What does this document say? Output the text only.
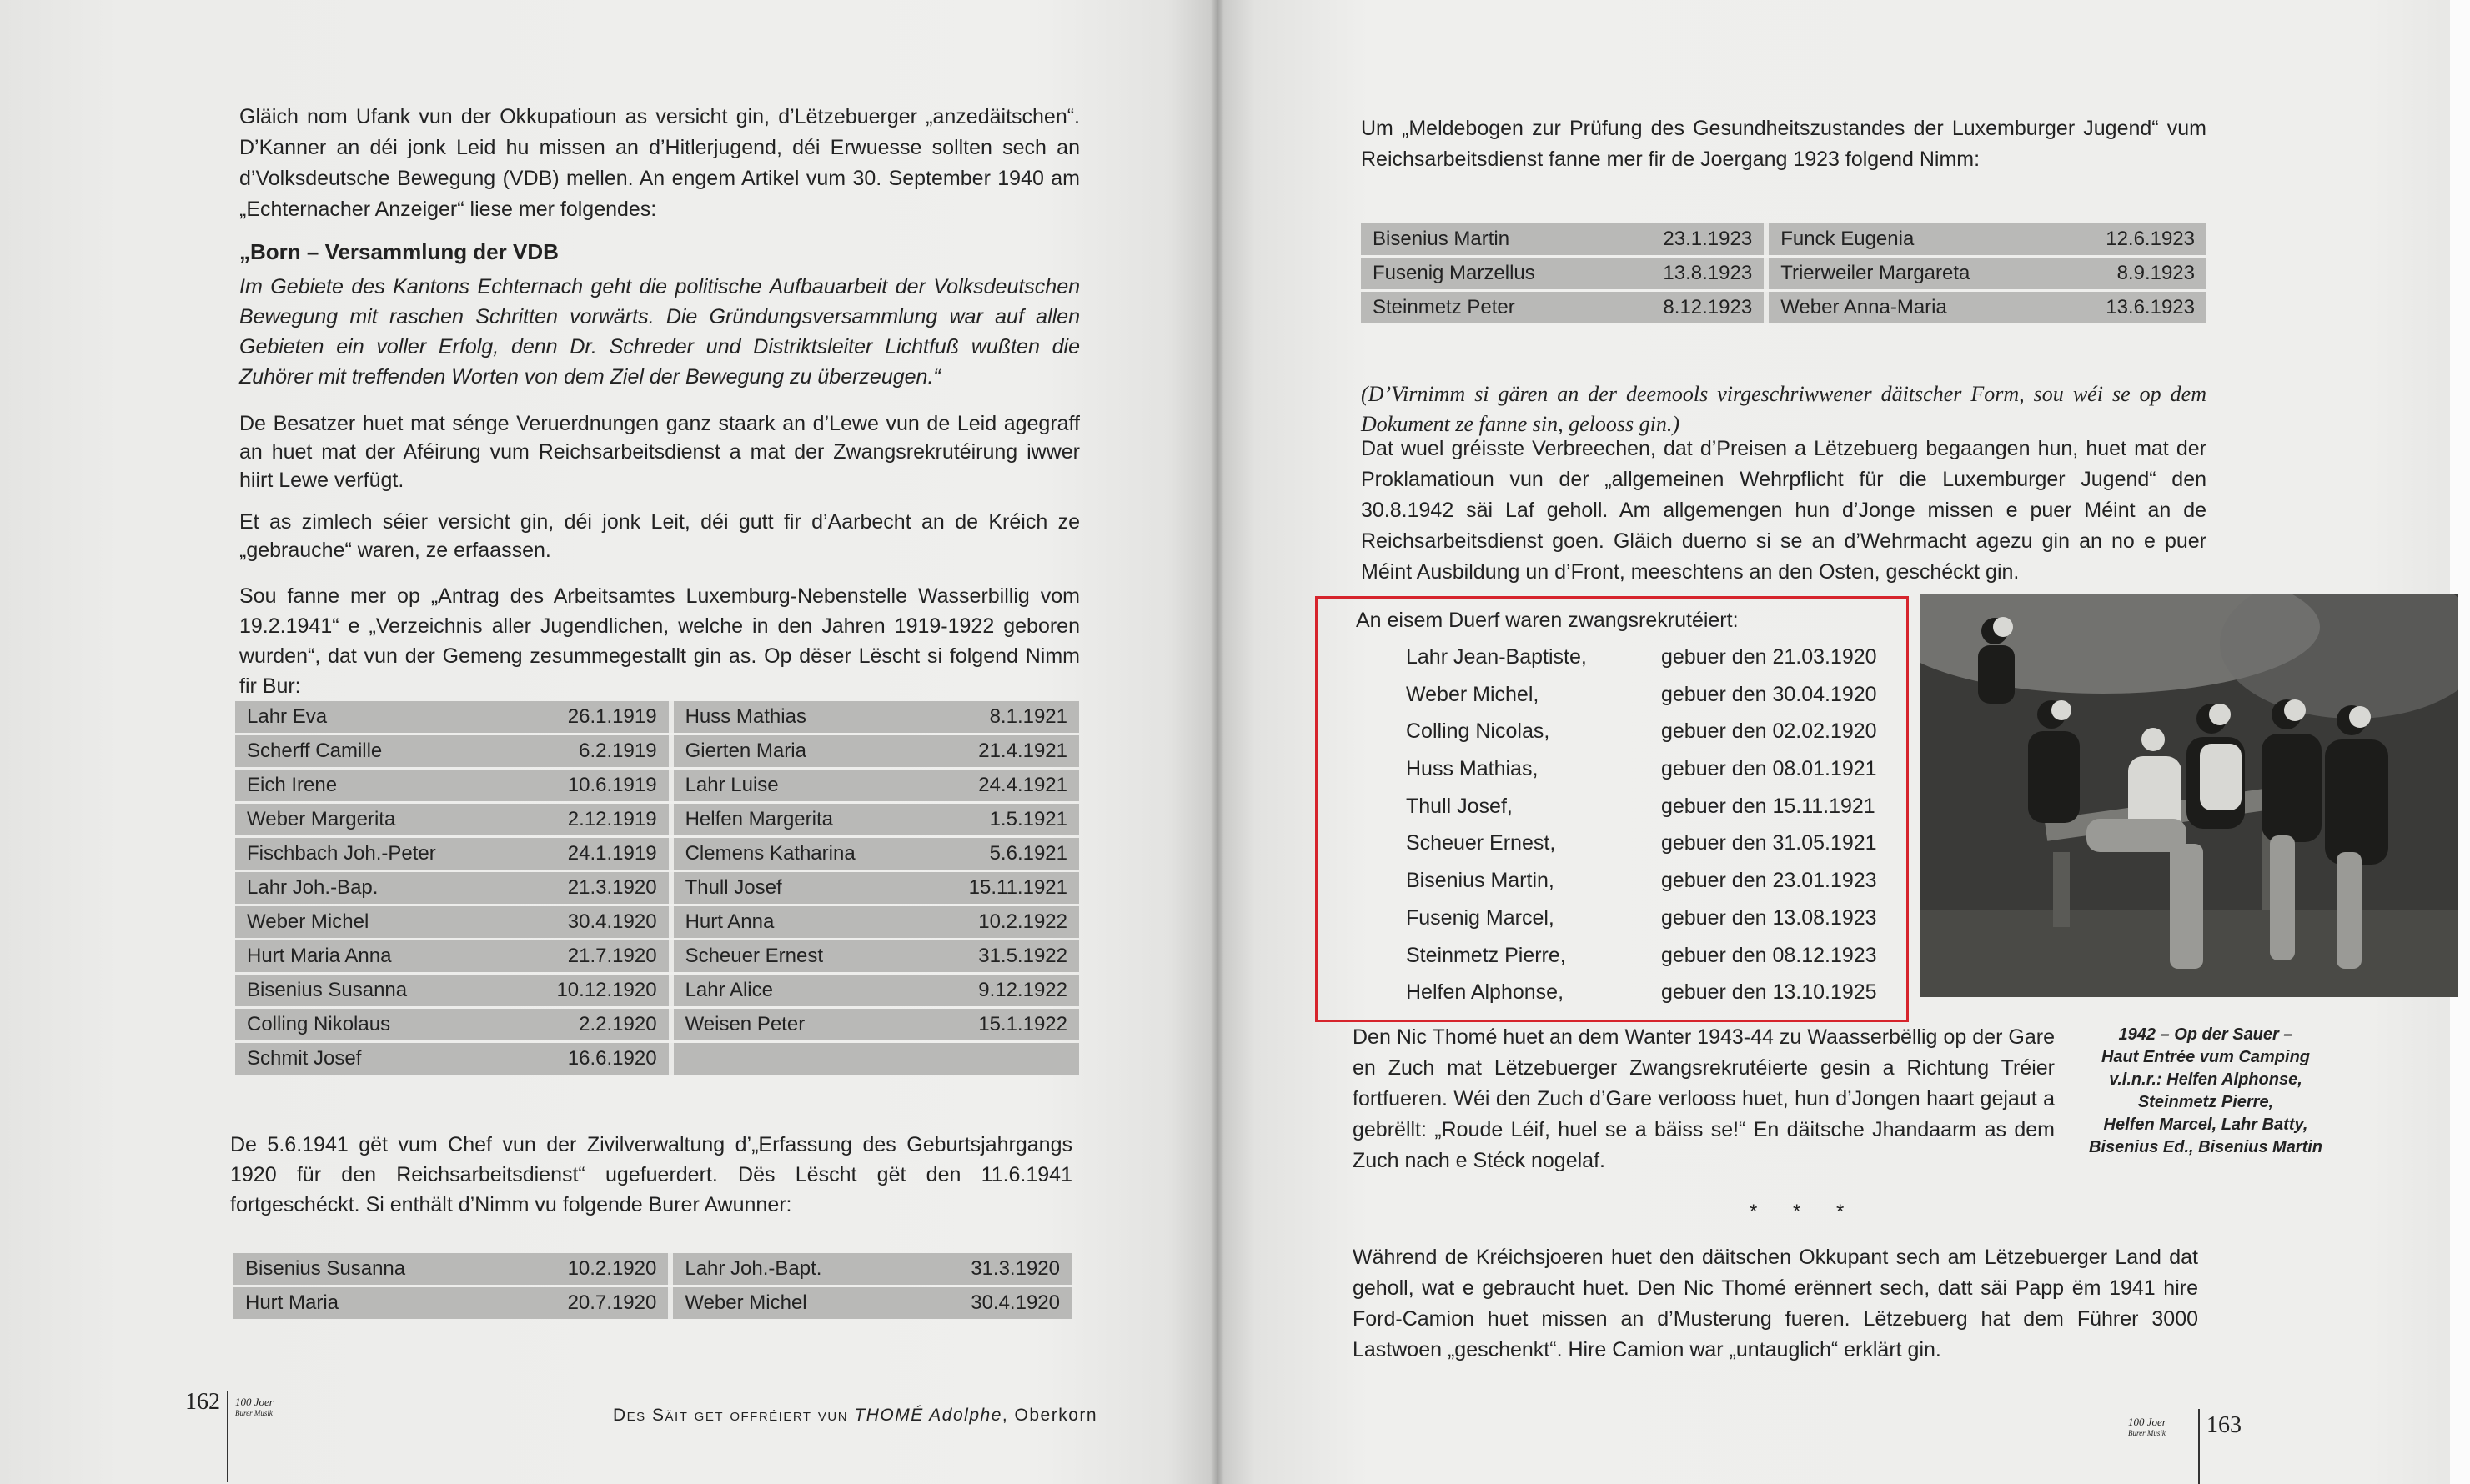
Gläich nom Ufank vun der Okkupatioun as versicht gin, d’Lëtzebuerger „anzedäitschen“. D’Kanner an déi jonk Leid hu missen an d’Hitlerjugend, déi Erwuesse sollten sech an d’Volksdeutsche Bewegung (VDB) mellen. An engem Artikel vum 30. September 1940 am „Echternacher Anzeiger“ liese mer folgendes:

„Born – Versammlung der VDB

Im Gebiete des Kantons Echternach geht die politische Aufbauarbeit der Volksdeutschen Bewegung mit raschen Schritten vorwärts. Die Gründungsversammlung war auf allen Gebieten ein voller Erfolg, denn Dr. Schreder und Distriktsleiter Lichtfuß wußten die Zuhörer mit treffenden Worten von dem Ziel der Bewegung zu überzeugen.“

De Besatzer huet mat sénge Veruerdnungen ganz staark an d’Lewe vun de Leid agegraff an huet mat der Aféirung vum Reichsarbeitsdienst a mat der Zwangsrekrutéirung iwwer hiirt Lewe verfügt.

Et as zimlech séier versicht gin, déi jonk Leit, déi gutt fir d’Aarbecht an de Kréich ze „gebrauche“ waren, ze erfaassen.

Sou fanne mer op „Antrag des Arbeitsamtes Luxemburg-Nebenstelle Wasserbillig vom 19.2.1941“ e „Verzeichnis aller Jugendlichen, welche in den Jahren 1919-1922 geboren wurden“, dat vun der Gemeng zesummegestallt gin as. Op dëser Lëscht si folgend Nimm fir Bur:

Lahr Eva	26.1.1919	Huss Mathias	8.1.1921
Scherff Camille	6.2.1919	Gierten Maria	21.4.1921
Eich Irene	10.6.1919	Lahr Luise	24.4.1921
Weber Margerita	2.12.1919	Helfen Margerita	1.5.1921
Fischbach Joh.-Peter	24.1.1919	Clemens Katharina	5.6.1921
Lahr Joh.-Bap.	21.3.1920	Thull Josef	15.11.1921
Weber Michel	30.4.1920	Hurt Anna	10.2.1922
Hurt Maria Anna	21.7.1920	Scheuer Ernest	31.5.1922
Bisenius Susanna	10.12.1920	Lahr Alice	9.12.1922
Colling Nikolaus	2.2.1920	Weisen Peter	15.1.1922
Schmit Josef	16.6.1920		

De 5.6.1941 gët vum Chef vun der Zivilverwaltung d’„Erfassung des Geburtsjahrgangs 1920 für den Reichsarbeitsdienst“ ugefuerdert. Dës Lëscht gët den 11.6.1941 fortgeschéckt. Si enthält d’Nimm vu folgende Burer Awunner:

Bisenius Susanna	10.2.1920	Lahr Joh.-Bapt.	31.3.1920
Hurt Maria	20.7.1920	Weber Michel	30.4.1920
162 100 Joer
Burer Musik	Des Säit get offréiert vun THOMÉ Adolphe, Oberkorn

Um „Meldebogen zur Prüfung des Gesundheitszustandes der Luxemburger Jugend“ vum Reichsarbeitsdienst fanne mer fir de Joergang 1923 folgend Nimm:

Bisenius Martin	23.1.1923	Funck Eugenia	12.6.1923
Fusenig Marzellus	13.8.1923	Trierweiler Margareta	8.9.1923
Steinmetz Peter	8.12.1923	Weber Anna-Maria	13.6.1923

(D’Virnimm si gären an der deemools virgeschriwwener däitscher Form, sou wéi se op dem Dokument ze fanne sin, gelooss gin.)

Dat wuel gréisste Verbreechen, dat d’Preisen a Lëtzebuerg begaangen hun, huet mat der Proklamatioun vun der „allgemeinen Wehrpflicht für die Luxemburger Jugend“ den 30.8.1942 säi Laf geholl. Am allgemengen hun d’Jonge missen e puer Méint an de Reichsarbeitsdienst goen. Gläich duerno si se an d’Wehrmacht agezu gin an no e puer Méint Ausbildung un d’Front, meeschtens an den Osten, geschéckt gin.

An eisem Duerf waren zwangsrekrutéiert:
Lahr Jean-Baptiste,	gebuer den 21.03.1920
Weber Michel,	gebuer den 30.04.1920
Colling Nicolas,	gebuer den 02.02.1920
Huss Mathias,	gebuer den 08.01.1921
Thull Josef,	gebuer den 15.11.1921
Scheuer Ernest,	gebuer den 31.05.1921
Bisenius Martin,	gebuer den 23.01.1923
Fusenig Marcel,	gebuer den 13.08.1923
Steinmetz Pierre,	gebuer den 08.12.1923
Helfen Alphonse,	gebuer den 13.10.1925
1942 – Op der Sauer –
Haut Entrée vum Camping
v.l.n.r.: Helfen Alphonse,
Steinmetz Pierre,
Helfen Marcel, Lahr Batty,
Bisenius Ed., Bisenius Martin

Den Nic Thomé huet an dem Wanter 1943-44 zu Waasserbëllig op der Gare en Zuch mat Lëtzebuerger Zwangsrekrutéierte gesin a Richtung Tréier fortfueren. Wéi den Zuch d’Gare verlooss huet, hun d’Jongen haart gejaut a gebrëllt: „Roude Léif, huel se a bäiss se!“ En däitsche Jhandaarm as dem Zuch nach e Stéck nogelaf.

* * *

Während de Kréichsjoeren huet den däitschen Okkupant sech am Lëtzebuerger Land dat geholl, wat e gebraucht huet. Den Nic Thomé erënnert sech, datt säi Papp ëm 1941 hire Ford-Camion huet missen an d’Musterung fueren. Lëtzebuerg hat dem Führer 3000 Lastwoen „geschenkt“. Hire Camion war „untauglich“ erklärt gin.

100 Joer
Burer Musik 163
